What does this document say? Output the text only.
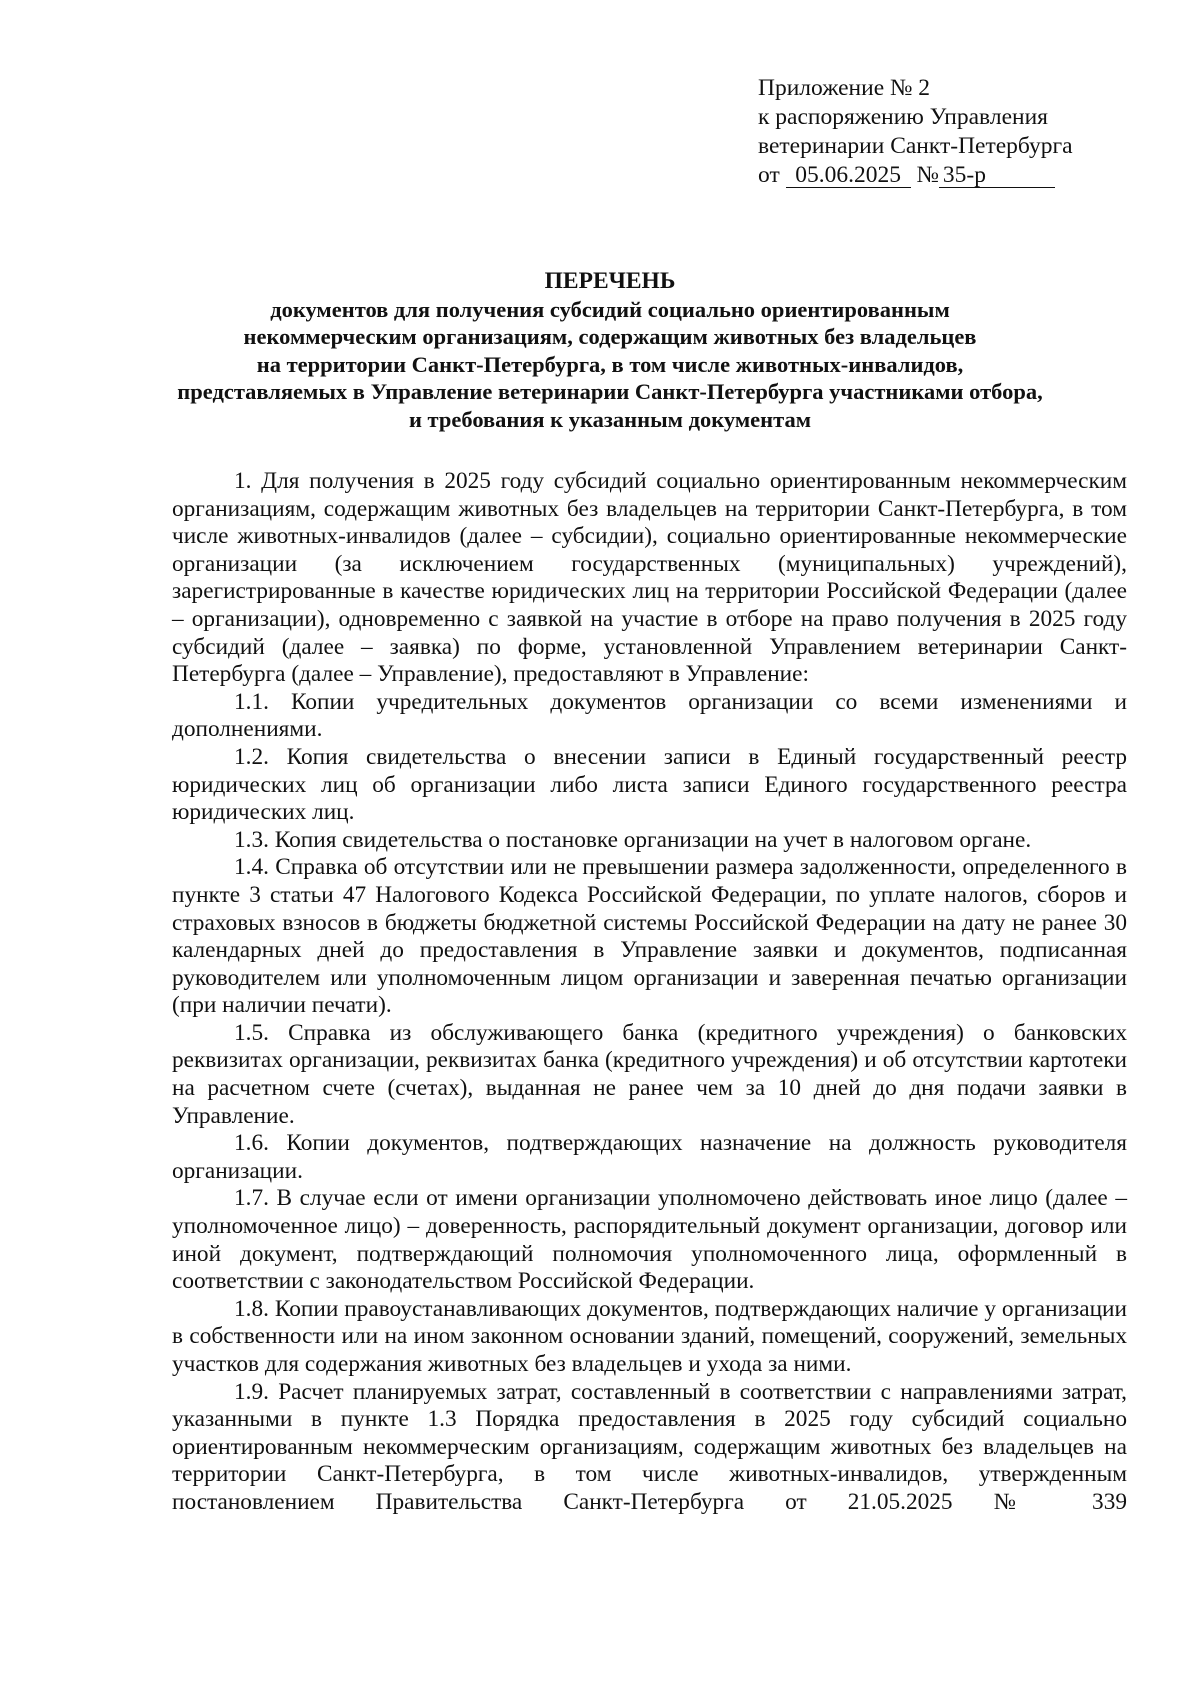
Приложение № 2
к распоряжению Управления
ветеринарии Санкт-Петербурга
от 05.06.2025 № 35-р
ПЕРЕЧЕНЬ
документов для получения субсидий социально ориентированным
некоммерческим организациям, содержащим животных без владельцев
на территории Санкт-Петербурга, в том числе животных-инвалидов,
представляемых в Управление ветеринарии Санкт-Петербурга участниками отбора,
и требования к указанным документам

1. Для получения в 2025 году субсидий социально ориентированным некоммерческим организациям, содержащим животных без владельцев на территории Санкт-Петербурга, в том числе животных-инвалидов (далее – субсидии), социально ориентированные некоммерческие организации (за исключением государственных (муниципальных) учреждений), зарегистрированные в качестве юридических лиц на территории Российской Федерации (далее – организации), одновременно с заявкой на участие в отборе на право получения в 2025 году субсидий (далее – заявка) по форме, установленной Управлением ветеринарии Санкт-Петербурга (далее – Управление), предоставляют в Управление:

1.1. Копии учредительных документов организации со всеми изменениями и дополнениями.

1.2. Копия свидетельства о внесении записи в Единый государственный реестр юридических лиц об организации либо листа записи Единого государственного реестра юридических лиц.

1.3. Копия свидетельства о постановке организации на учет в налоговом органе.

1.4. Справка об отсутствии или не превышении размера задолженности, определенного в пункте 3 статьи 47 Налогового Кодекса Российской Федерации, по уплате налогов, сборов и страховых взносов в бюджеты бюджетной системы Российской Федерации на дату не ранее 30 календарных дней до предоставления в Управление заявки и документов, подписанная руководителем или уполномоченным лицом организации и заверенная печатью организации (при наличии печати).

1.5. Справка из обслуживающего банка (кредитного учреждения) о банковских реквизитах организации, реквизитах банка (кредитного учреждения) и об отсутствии картотеки на расчетном счете (счетах), выданная не ранее чем за 10 дней до дня подачи заявки в Управление.

1.6. Копии документов, подтверждающих назначение на должность руководителя организации.

1.7. В случае если от имени организации уполномочено действовать иное лицо (далее – уполномоченное лицо) – доверенность, распорядительный документ организации, договор или иной документ, подтверждающий полномочия уполномоченного лица, оформленный в соответствии с законодательством Российской Федерации.

1.8. Копии правоустанавливающих документов, подтверждающих наличие у организации в собственности или на ином законном основании зданий, помещений, сооружений, земельных участков для содержания животных без владельцев и ухода за ними.

1.9. Расчет планируемых затрат, составленный в соответствии с направлениями затрат, указанными в пункте 1.3 Порядка предоставления в 2025 году субсидий социально ориентированным некоммерческим организациям, содержащим животных без владельцев на территории Санкт-Петербурга, в том числе животных-инвалидов, утвержденным постановлением Правительства Санкт-Петербурга от 21.05.2025 № 339
